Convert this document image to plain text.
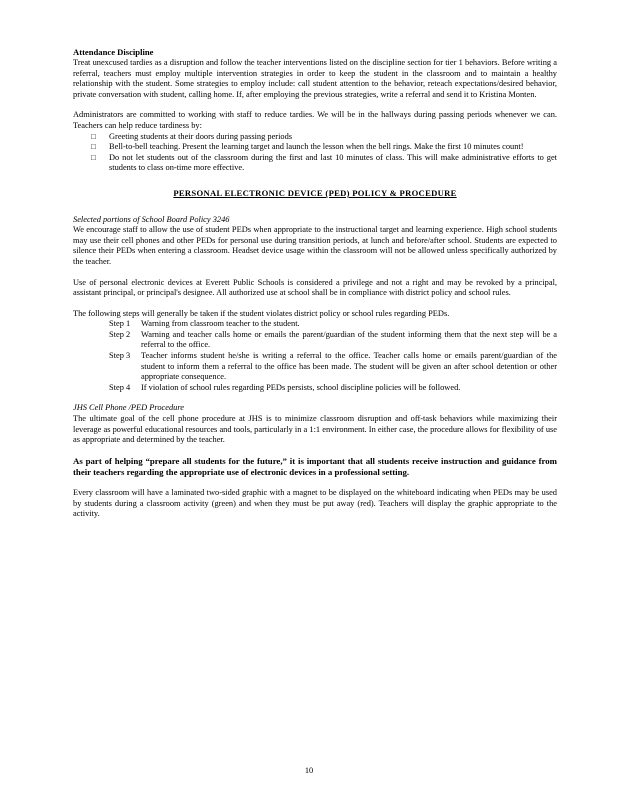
Attendance Discipline

Treat unexcused tardies as a disruption and follow the teacher interventions listed on the discipline section for tier 1 behaviors. Before writing a referral, teachers must employ multiple intervention strategies in order to keep the student in the classroom and to maintain a healthy relationship with the student. Some strategies to employ include: call student attention to the behavior, reteach expectations/desired behavior, private conversation with student, calling home. If, after employing the previous strategies, write a referral and send it to Kristina Monten.

Administrators are committed to working with staff to reduce tardies. We will be in the hallways during passing periods whenever we can. Teachers can help reduce tardiness by:

□ Greeting students at their doors during passing periods
□ Bell-to-bell teaching. Present the learning target and launch the lesson when the bell rings. Make the first 10 minutes count!
□ Do not let students out of the classroom during the first and last 10 minutes of class. This will make administrative efforts to get students to class on-time more effective.

PERSONAL ELECTRONIC DEVICE (PED) POLICY & PROCEDURE

Selected portions of School Board Policy 3246

We encourage staff to allow the use of student PEDs when appropriate to the instructional target and learning experience. High school students may use their cell phones and other PEDs for personal use during transition periods, at lunch and before/after school. Students are expected to silence their PEDs when entering a classroom. Headset device usage within the classroom will not be allowed unless specifically authorized by the teacher.

Use of personal electronic devices at Everett Public Schools is considered a privilege and not a right and may be revoked by a principal, assistant principal, or principal's designee. All authorized use at school shall be in compliance with district policy and school rules.

The following steps will generally be taken if the student violates district policy or school rules regarding PEDs.

Step 1	Warning from classroom teacher to the student.
Step 2	Warning and teacher calls home or emails the parent/guardian of the student informing them that the next step will be a referral to the office.
Step 3	Teacher informs student he/she is writing a referral to the office. Teacher calls home or emails parent/guardian of the student to inform them a referral to the office has been made. The student will be given an after school detention or other appropriate consequence.
Step 4	If violation of school rules regarding PEDs persists, school discipline policies will be followed.

JHS Cell Phone /PED Procedure

The ultimate goal of the cell phone procedure at JHS is to minimize classroom disruption and off-task behaviors while maximizing their leverage as powerful educational resources and tools, particularly in a 1:1 environment. In either case, the procedure allows for flexibility of use as appropriate and determined by the teacher.

As part of helping “prepare all students for the future,” it is important that all students receive instruction and guidance from their teachers regarding the appropriate use of electronic devices in a professional setting.

Every classroom will have a laminated two-sided graphic with a magnet to be displayed on the whiteboard indicating when PEDs may be used by students during a classroom activity (green) and when they must be put away (red). Teachers will display the graphic appropriate to the activity.

10
